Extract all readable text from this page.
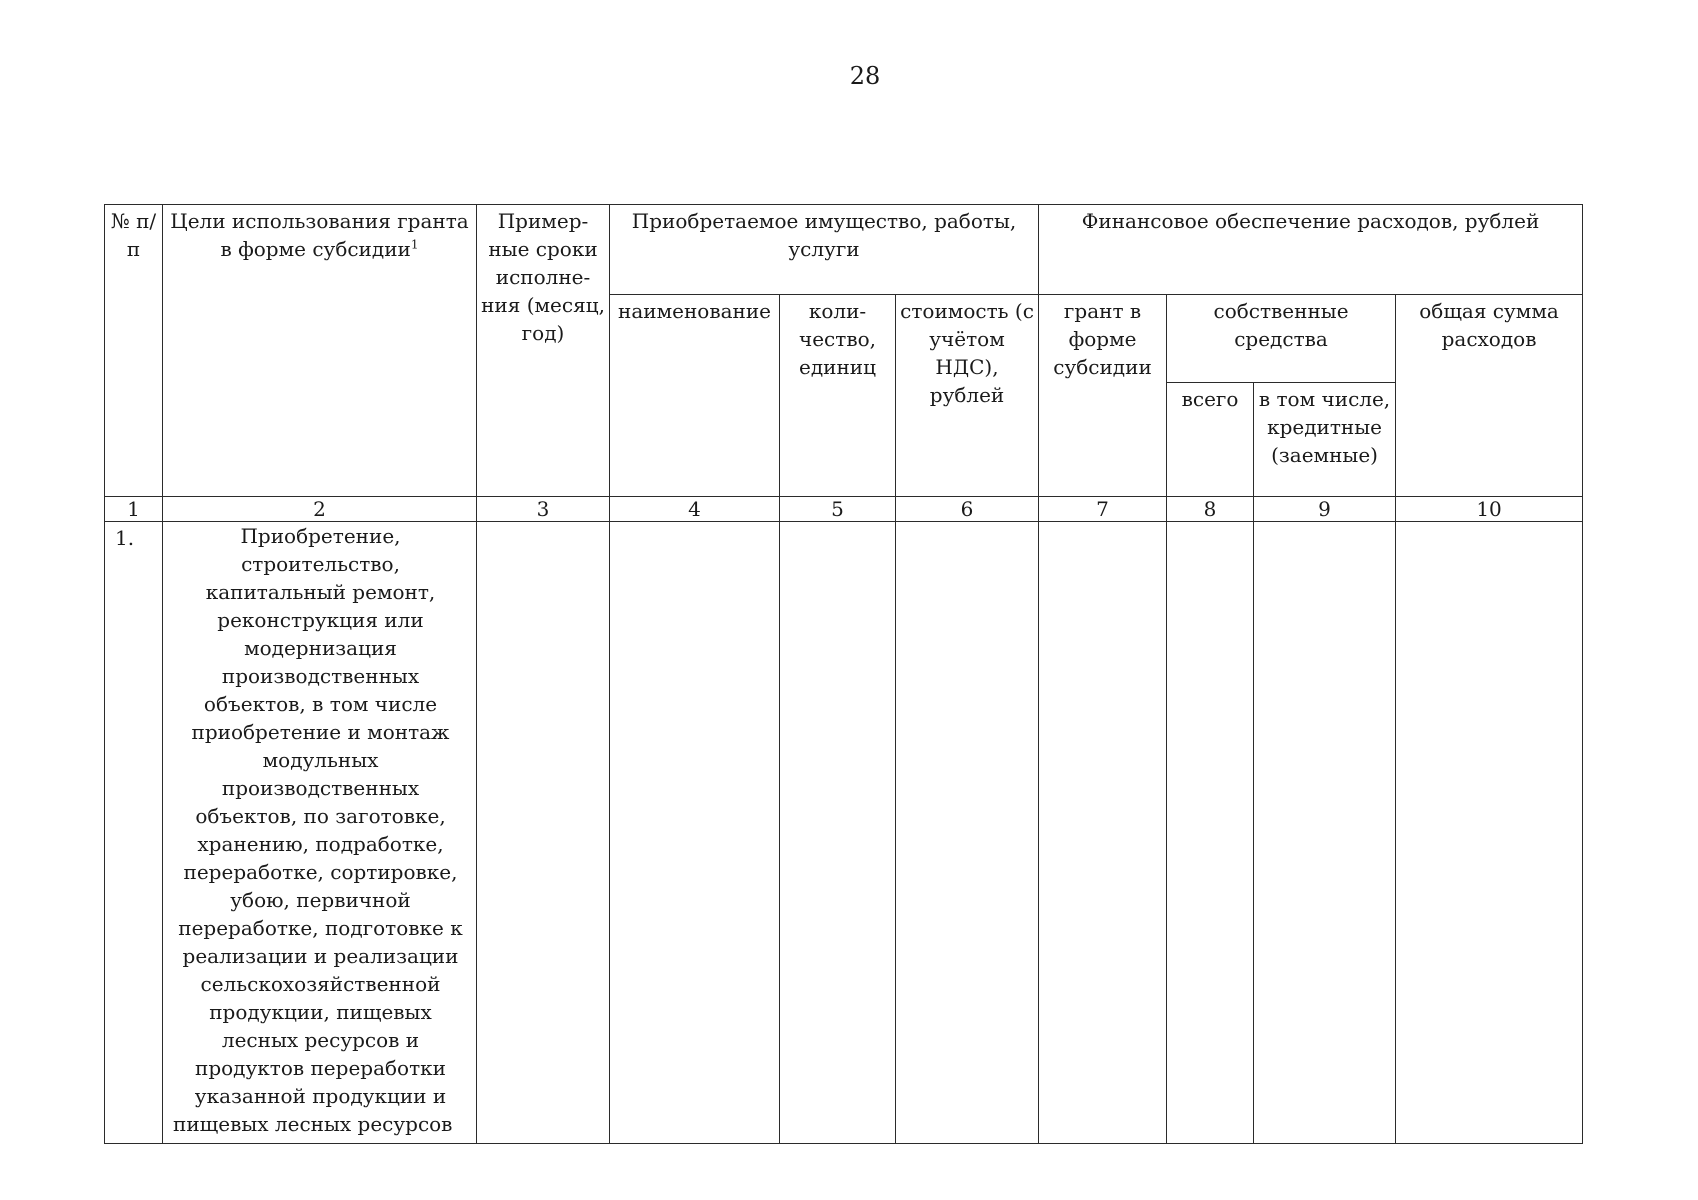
28
№ п/п	Цели использования гранта в форме субсидии$^1$	Пример-ные сроки исполне-ния (месяц, год)	Приобретаемое имущество, работы, услуги			Финансовое обеспечение расходов, рублей			
			наименование	коли-чество, единиц	стоимость (с учётом НДС), рублей	грант в форме субсидии	собственные средства		общая сумма расходов
							всего	в том числе, кредитные (заемные)	
1	2	3	4	5	6	7	8	9	10
1.	Приобретение, строительство, капитальный ремонт, реконструкция или модернизация производственных объектов, в том числе приобретение и монтаж модульных производственных объектов, по заготовке, хранению, подработке, переработке, сортировке, убою, первичной переработке, подготовке к реализации и реализации сельскохозяйственной продукции, пищевых лесных ресурсов и продуктов переработки указанной продукции и пищевых лесных ресурсов								
